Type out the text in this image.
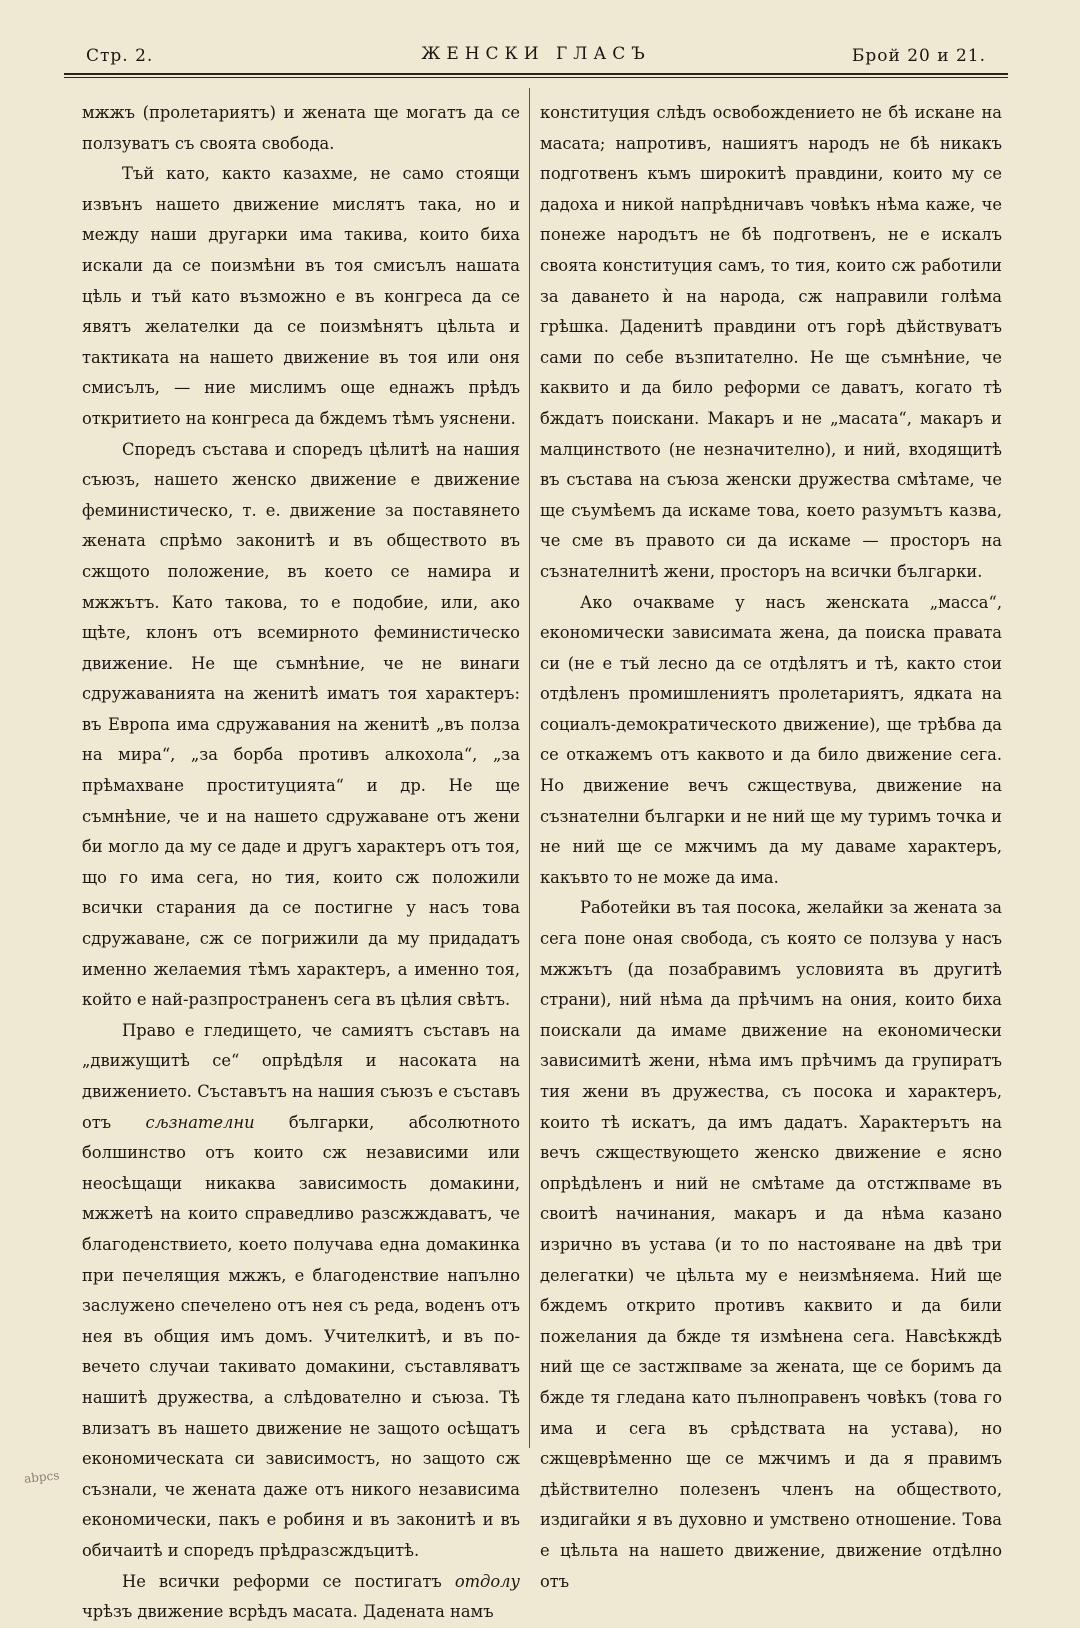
Стр. 2.	ЖЕНСКИ ГЛАСЪ	Брой 20 и 21.

мжжъ (пролетариятъ) и жената ще могатъ да се ползуватъ съ своята свобода.

Тъй като, както казахме, не само стоящи извънъ нашето движение мислятъ така, но и между наши другарки има такива, които биха искали да се поизмѣни въ тоя смисълъ нашата цѣль и тъй като възможно е въ конгреса да се явятъ желателки да се поизмѣнятъ цѣльта и тактиката на нашето движение въ тоя или оня смисълъ, — ние мислимъ още еднажъ прѣдъ откритието на конгреса да бждемъ тѣмъ уяснени.

Споредъ състава и споредъ цѣлитѣ на нашия съюзъ, нашето женско движение е движение феминистическо, т. е. движение за поставянето жената спрѣмо законитѣ и въ обществото въ сжщото положение, въ което се намира и мжжътъ. Като такова, то е подобие, или, ако щѣте, клонъ отъ всемирното феминистическо движение. Не ще съмнѣние, че не винаги сдружаванията на женитѣ иматъ тоя характеръ: въ Европа има сдружавания на женитѣ „въ полза на мира“, „за борба противъ алкохола“, „за прѣмахване проституцията“ и др. Не ще съмнѣние, че и на нашето сдружаване отъ жени би могло да му се даде и другъ характеръ отъ тоя, що го има сега, но тия, които сж положили всички старания да се постигне у насъ това сдружаване, сж се погрижили да му придадатъ именно желаемия тѣмъ характеръ, а именно тоя, който е най-разпространенъ сега въ цѣлия свѣтъ.

Право е гледището, че самиятъ съставъ на „движущитѣ се“ опрѣдѣля и насоката на движението. Съставътъ на нашия съюзъ е съставъ отъ сљзнателни българки, абсолютното болшинство отъ които сж независими или неосѣщащи никаква зависимость домакини, мжжетѣ на които справедливо разсжждаватъ, че благоденствието, което получава една домакинка при печелящия мжжъ, е благоденствие напълно заслужено спечелено отъ нея съ реда, воденъ отъ нея въ общия имъ домъ. Учителкитѣ, и въ по-вечето случаи такивато домакини, съставляватъ нашитѣ дружества, а слѣдователно и съюза. Тѣ влизатъ въ нашето движение не защото осѣщатъ економическата си зависимостъ, но защото сж съзнали, че жената даже отъ никого независима економически, пакъ е робиня и въ законитѣ и въ обичаитѣ и споредъ прѣдразсждъцитѣ.

Не всички реформи се постигатъ отдолу чрѣзъ движение всрѣдъ масата. Дадената намъ

конституция слѣдъ освобождението не бѣ искане на масата; напротивъ, нашиятъ народъ не бѣ никакъ подготвенъ къмъ широкитѣ правдини, които му се дадоха и никой напрѣдничавъ човѣкъ нѣма каже, че понеже народътъ не бѣ подготвенъ, не е искалъ своята конституция самъ, то тия, които сж работили за даването ѝ на народа, сж направили голѣма грѣшка. Даденитѣ правдини отъ горѣ дѣйствуватъ сами по себе възпитателно. Не ще съмнѣние, че каквито и да било реформи се даватъ, когато тѣ бждатъ поискани. Макаръ и не „масата“, макаръ и малцинството (не незначително), и ний, входящитѣ въ състава на съюза женски дружества смѣтаме, че ще съумѣемъ да искаме това, което разумътъ казва, че сме въ правото си да искаме — просторъ на съзнателнитѣ жени, просторъ на всички българки.

Ако очакваме у насъ женската „масса“, економически зависимата жена, да поиска правата си (не е тъй лесно да се отдѣлятъ и тѣ, както стои отдѣленъ промишлениятъ пролетариятъ, ядката на социалъ-демократическото движение), ще трѣбва да се откажемъ отъ каквото и да било движение сега. Но движение вечъ сжществува, движение на съзнателни българки и не ний ще му туримъ точка и не ний ще се мжчимъ да му даваме характеръ, какъвто то не може да има.

Работейки въ тая посока, желайки за жената за сега поне оная свобода, съ която се ползува у насъ мжжътъ (да позабравимъ условията въ другитѣ страни), ний нѣма да прѣчимъ на ония, които биха поискали да имаме движение на економически зависимитѣ жени, нѣма имъ прѣчимъ да групиратъ тия жени въ дружества, съ посока и характеръ, които тѣ искатъ, да имъ дадатъ. Характерътъ на вечъ сжществующето женско движение е ясно опрѣдѣленъ и ний не смѣтаме да отстжпваме въ своитѣ начинания, макаръ и да нѣма казано изрично въ устава (и то по настояване на двѣ три делегатки) че цѣльта му е неизмѣняема. Ний ще бждемъ открито противъ каквито и да били пожелания да бжде тя измѣнена сега. Навсѣкждѣ ний ще се застжпваме за жената, ще се боримъ да бжде тя гледана като пълноправенъ човѣкъ (това го има и сега въ срѣдствата на устава), но сжщеврѣменно ще се мжчимъ и да я правимъ дѣйствително полезенъ членъ на обществото, издигайки я въ духовно и умствено отношение. Това е цѣльта на нашето движение, движение отдѣлно отъ

abpcs
